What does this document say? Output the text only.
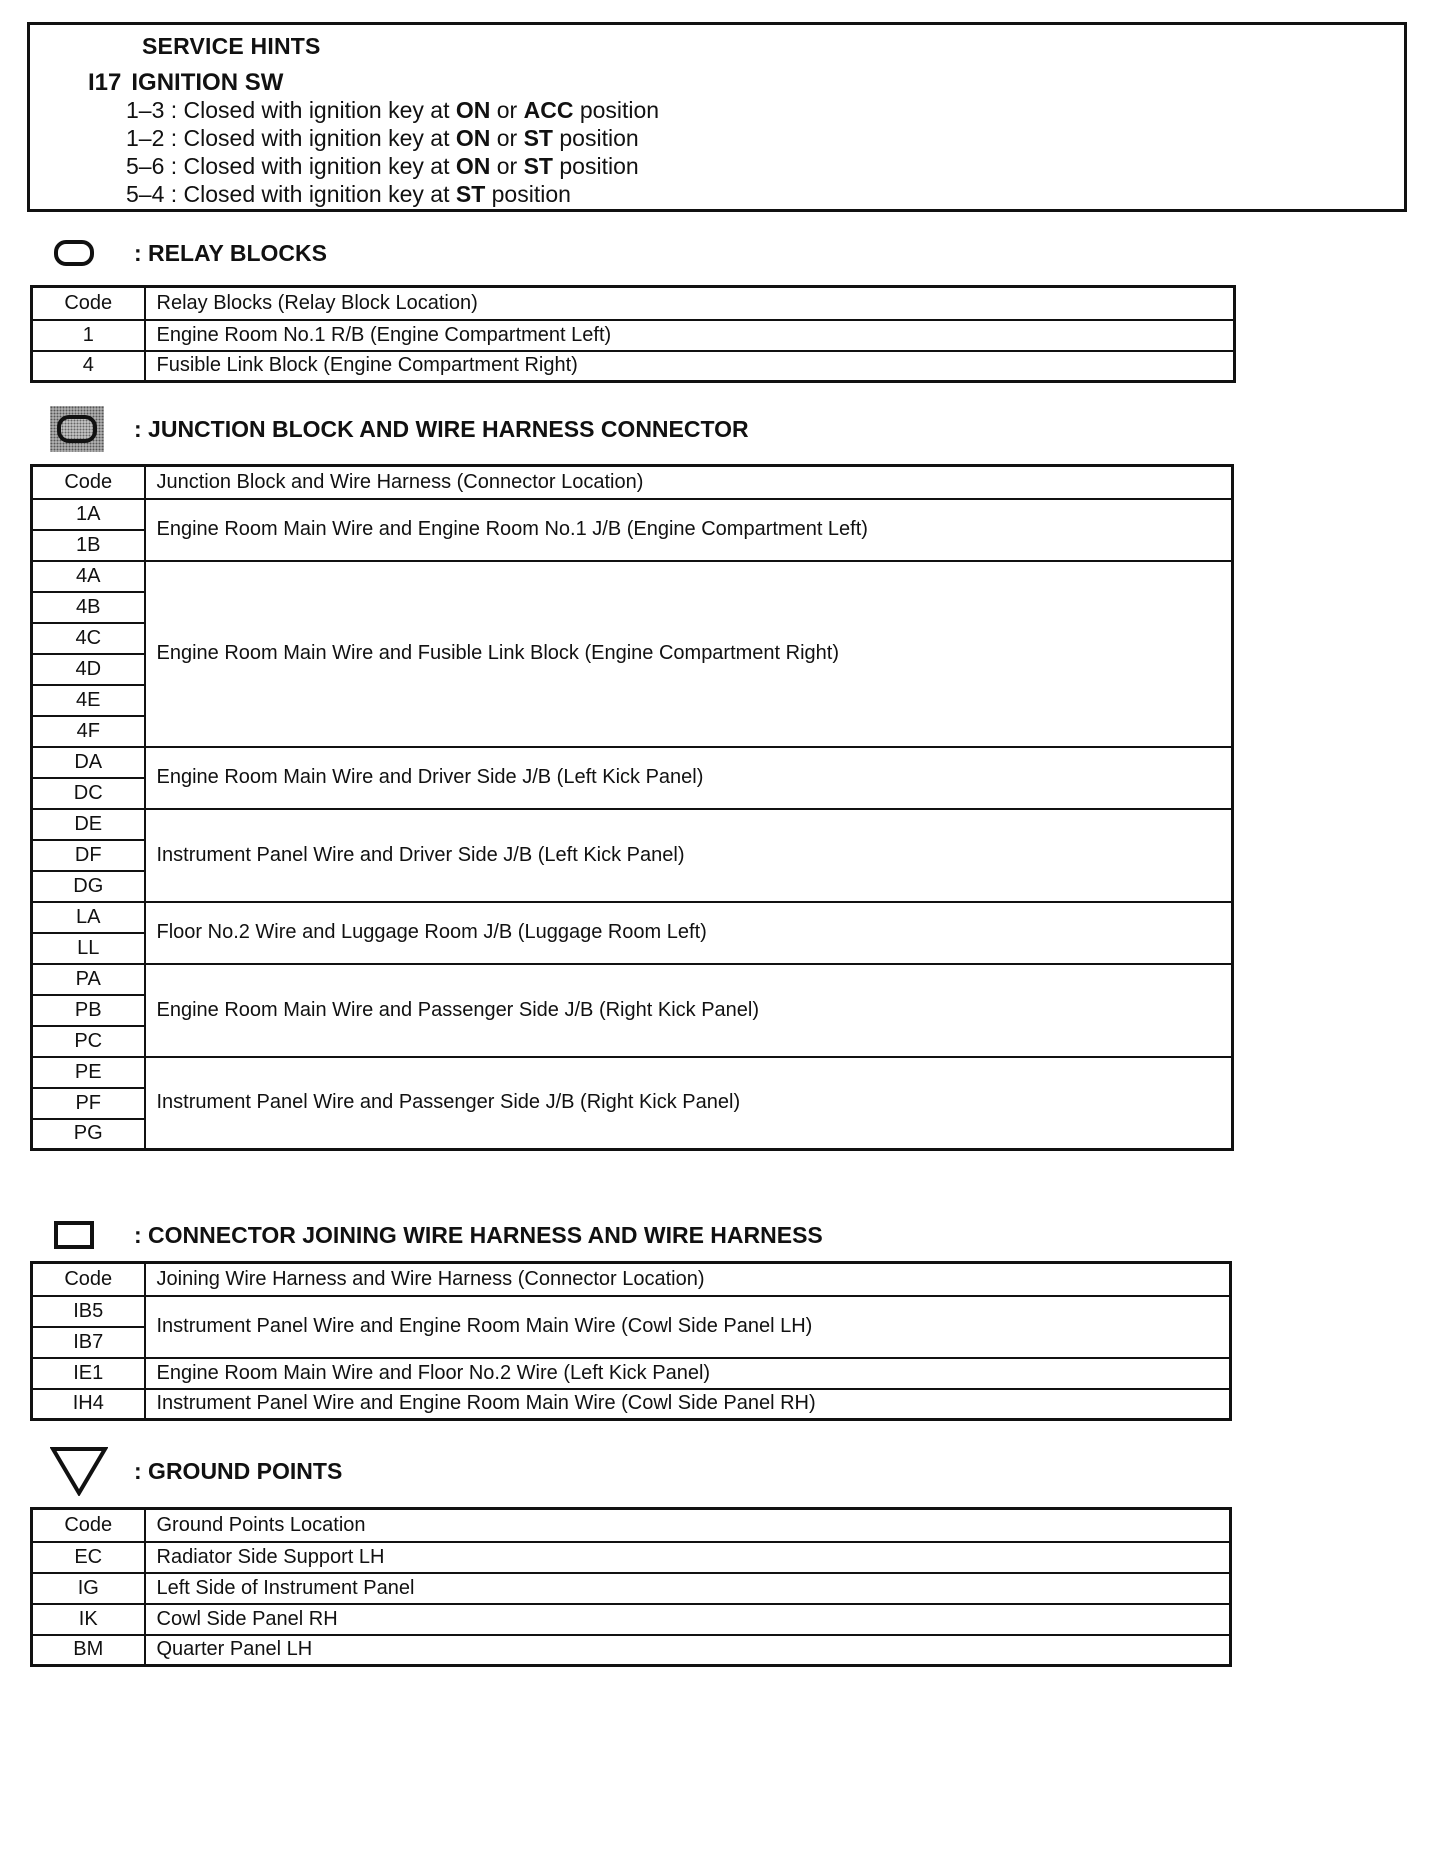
SERVICE HINTS
I17 IGNITION SW
1–3 : Closed with ignition key at ON or ACC position
1–2 : Closed with ignition key at ON or ST position
5–6 : Closed with ignition key at ON or ST position
5–4 : Closed with ignition key at ST position
: RELAY BLOCKS
Code	Relay Blocks (Relay Block Location)
1	Engine Room No.1 R/B (Engine Compartment Left)
4	Fusible Link Block (Engine Compartment Right)
: JUNCTION BLOCK AND WIRE HARNESS CONNECTOR
Code	Junction Block and Wire Harness (Connector Location)
1A	Engine Room Main Wire and Engine Room No.1 J/B (Engine Compartment Left)
1B	
4A	Engine Room Main Wire and Fusible Link Block (Engine Compartment Right)
4B	
4C	
4D	
4E	
4F	
DA	Engine Room Main Wire and Driver Side J/B (Left Kick Panel)
DC	
DE	Instrument Panel Wire and Driver Side J/B (Left Kick Panel)
DF	
DG	
LA	Floor No.2 Wire and Luggage Room J/B (Luggage Room Left)
LL	
PA	Engine Room Main Wire and Passenger Side J/B (Right Kick Panel)
PB	
PC	
PE	Instrument Panel Wire and Passenger Side J/B (Right Kick Panel)
PF	
PG	
: CONNECTOR JOINING WIRE HARNESS AND WIRE HARNESS
Code	Joining Wire Harness and Wire Harness (Connector Location)
IB5	Instrument Panel Wire and Engine Room Main Wire (Cowl Side Panel LH)
IB7	
IE1	Engine Room Main Wire and Floor No.2 Wire (Left Kick Panel)
IH4	Instrument Panel Wire and Engine Room Main Wire (Cowl Side Panel RH)
: GROUND POINTS
Code	Ground Points Location
EC	Radiator Side Support LH
IG	Left Side of Instrument Panel
IK	Cowl Side Panel RH
BM	Quarter Panel LH
